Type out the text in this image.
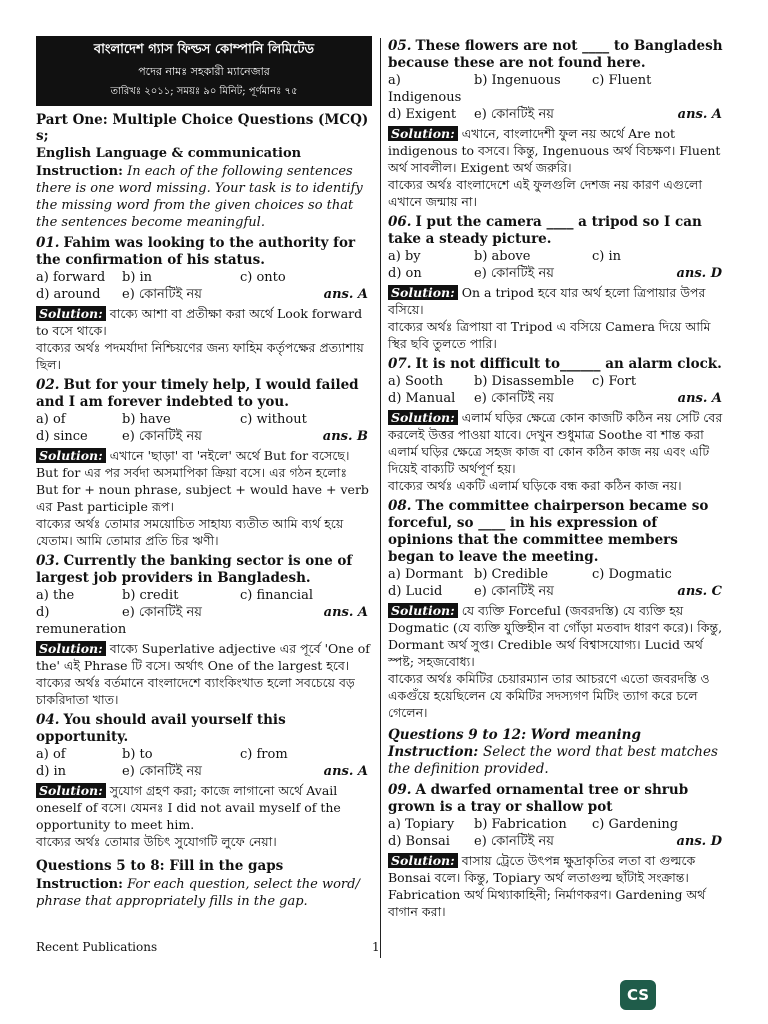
বাংলাদেশ গ্যাস ফিল্ডস কোম্পানি লিমিটেড
পদের নামঃ সহকারী ম্যানেজার
তারিখঃ ২০১১; সময়ঃ ৯০ মিনিট; পূর্ণমানঃ ৭৫
Part One: Multiple Choice Questions (MCQ) s;
English Language & communication
Instruction: In each of the following sentences there is one word missing. Your task is to identify the missing word from the given choices so that the sentences become meaningful.
01. Fahim was looking to the authority for the confirmation of his status.
a) forward	b) in	c) onto
d) around	e) কোনটিই নয়	ans. A
Solution: বাক্যে আশা বা প্রতীক্ষা করা অর্থে Look forward to বসে থাকে।
বাক্যের অর্থঃ পদমর্যাদা নিশ্চিয়ণের জন্য ফাহিম কর্তৃপক্ষের প্রত্যাশায় ছিল।
02. But for your timely help, I would failed and I am forever indebted to you.
a) of	b) have	c) without
d) since	e) কোনটিই নয়	ans. B
Solution: এখানে 'ছাড়া' বা 'নইলে' অর্থে But for বসেছে। But for এর পর সর্বদা অসমাপিকা ক্রিয়া বসে। এর গঠন হলোঃ But for + noun phrase, subject + would have + verb এর Past participle রূপ।
বাক্যের অর্থঃ তোমার সময়োচিত সাহায্য ব্যতীত আমি ব্যর্থ হয়ে যেতাম। আমি তোমার প্রতি চির ঋণী।
03. Currently the banking sector is one of largest job providers in Bangladesh.
a) the	b) credit	c) financial
d) remuneration
e) কোনটিই নয়	ans. A
Solution: বাক্যে Superlative adjective এর পূর্বে 'One of the' এই Phrase টি বসে। অর্থাৎ One of the largest হবে।
বাক্যের অর্থঃ বর্তমানে বাংলাদেশে ব্যাংকিংখাত হলো সবচেয়ে বড় চাকরিদাতা খাত।
04. You should avail yourself this opportunity.
a) of	b) to	c) from
d) in	e) কোনটিই নয়	ans. A
Solution: সুযোগ গ্রহণ করা; কাজে লাগানো অর্থে Avail oneself of বসে। যেমনঃ I did not avail myself of the opportunity to meet him.
বাক্যের অর্থঃ তোমার উচিৎ সুযোগটি লুফে নেয়া।
Questions 5 to 8: Fill in the gaps
Instruction: For each question, select the word/ phrase that appropriately fills in the gap.
05. These flowers are not ____ to Bangladesh because these are not found here.
a) Indigenous
b) Ingenuous	c) Fluent
d) Exigent	e) কোনটিই নয়	ans. A
Solution: এখানে, বাংলাদেশী ফুল নয় অর্থে Are not indigenous to বসবে। কিন্তু, Ingenuous অর্থ বিচক্ষণ। Fluent অর্থ সাবলীল। Exigent অর্থ জরুরি।
বাক্যের অর্থঃ বাংলাদেশে এই ফুলগুলি দেশজ নয় কারণ এগুলো এখানে জন্মায় না।
06. I put the camera ____ a tripod so I can take a steady picture.
a) by	b) above	c) in
d) on	e) কোনটিই নয়	ans. D
Solution: On a tripod হবে যার অর্থ হলো ত্রিপায়ার উপর বসিয়ে।
বাক্যের অর্থঃ ত্রিপায়া বা Tripod এ বসিয়ে Camera দিয়ে আমি স্থির ছবি তুলতে পারি।
07. It is not difficult to______ an alarm clock.
a) Sooth	b) Disassemble	c) Fort
d) Manual	e) কোনটিই নয়	ans. A
Solution: এলার্ম ঘড়ির ক্ষেত্রে কোন কাজটি কঠিন নয় সেটি বের করলেই উত্তর পাওয়া যাবে। দেখুন শুধুমাত্র Soothe বা শান্ত করা এলার্ম ঘড়ির ক্ষেত্রে সহজ কাজ বা কোন কঠিন কাজ নয় এবং এটি দিয়েই বাক্যটি অর্থপূর্ণ হয়।
বাক্যের অর্থঃ একটি এলার্ম ঘড়িকে বন্ধ করা কঠিন কাজ নয়।
08. The committee chairperson became so forceful, so ____ in his expression of opinions that the committee members began to leave the meeting.
a) Dormant b) Credible	c) Dogmatic
d) Lucid	e) কোনটিই নয়	ans. C
Solution: যে ব্যক্তি Forceful (জবরদস্তি) যে ব্যক্তি হয় Dogmatic (যে ব্যক্তি যুক্তিহীন বা গোঁড়া মতবাদ ধারণ করে)। কিন্তু, Dormant অর্থ সুপ্ত। Credible অর্থ বিশ্বাসযোগ্য। Lucid অর্থ স্পষ্ট; সহজবোধ্য।
বাক্যের অর্থঃ কমিটির চেয়ারম্যান তার আচরণে এতো জবরদস্তি ও একগুঁয়ে হয়েছিলেন যে কমিটির সদস্যগণ মিটিং ত্যাগ করে চলে গেলেন।
Questions 9 to 12: Word meaning Instruction: Select the word that best matches the definition provided.
09. A dwarfed ornamental tree or shrub grown is a tray or shallow pot
a) Topiary	b) Fabrication	c) Gardening
d) Bonsai	e) কোনটিই নয়	ans. D
Solution: বাসায় ট্রেতে উৎপন্ন ক্ষুদ্রাকৃতির লতা বা গুল্মকে Bonsai বলে। কিন্তু, Topiary অর্থ লতাগুল্ম ছাঁটাই সংক্রান্ত। Fabrication অর্থ মিথ্যাকাহিনী; নির্মাণকরণ। Gardening অর্থ বাগান করা।
Recent Publications	1
CS
